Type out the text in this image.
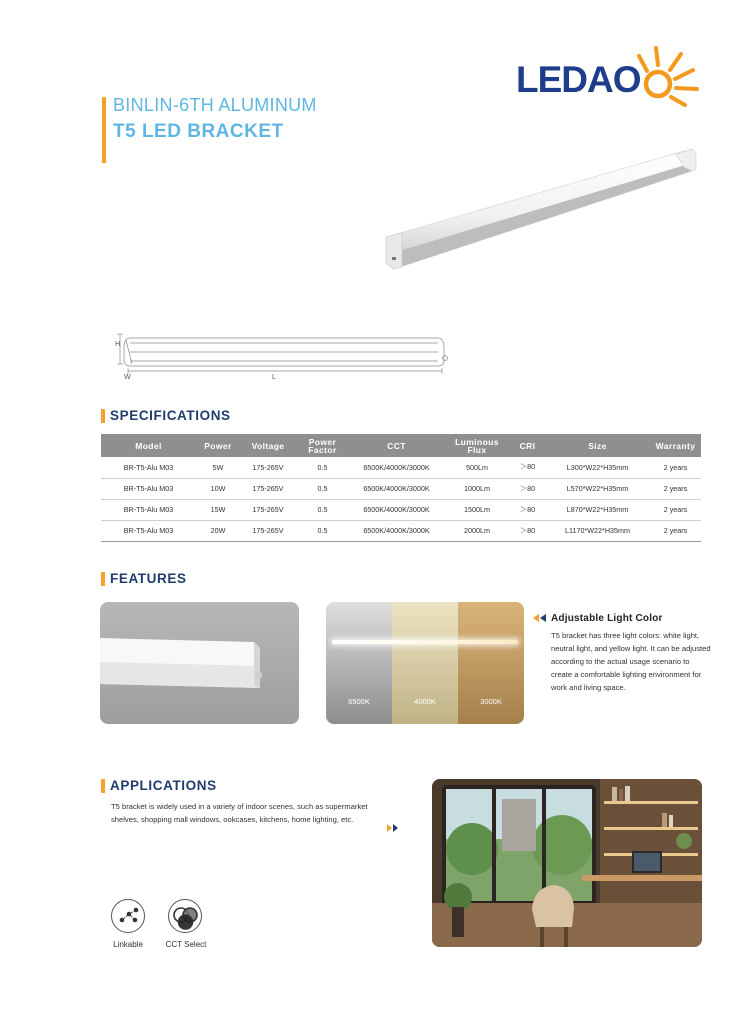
BINLIN-6TH ALUMINUM
T5 LED BRACKET
LEDAO
H
W	L
SPECIFICATIONS
Model	Power	Voltage	Power Factor	CCT	Luminous Flux	CRI	Size	Warranty
BR-T5-Alu M03	5W	175-265V	0.5	6500K/4000K/3000K	500Lm	＞80	L300*W22*H35mm	2 years
BR-T5-Alu M03	10W	175-265V	0.5	6500K/4000K/3000K	1000Lm	＞80	L570*W22*H35mm	2 years
BR-T5-Alu M03	15W	175-265V	0.5	6500K/4000K/3000K	1500Lm	＞80	L870*W22*H35mm	2 years
BR-T5-Alu M03	20W	175-265V	0.5	6500K/4000K/3000K	2000Lm	＞80	L1170*W22*H35mm	2 years
FEATURES
6500K	4000K	3000K
Adjustable Light Color
T5 bracket has three light colors: white light, neutral light, and yellow light. It can be adjusted according to the actual usage scenario to create a comfortable lighting environment for work and living space.
APPLICATIONS
T5 bracket is widely used in a variety of indoor scenes, such as supermarket shelves, shopping mall windows, ookcases, kitchens, home lighting, etc.
Linkable	CCT Select
